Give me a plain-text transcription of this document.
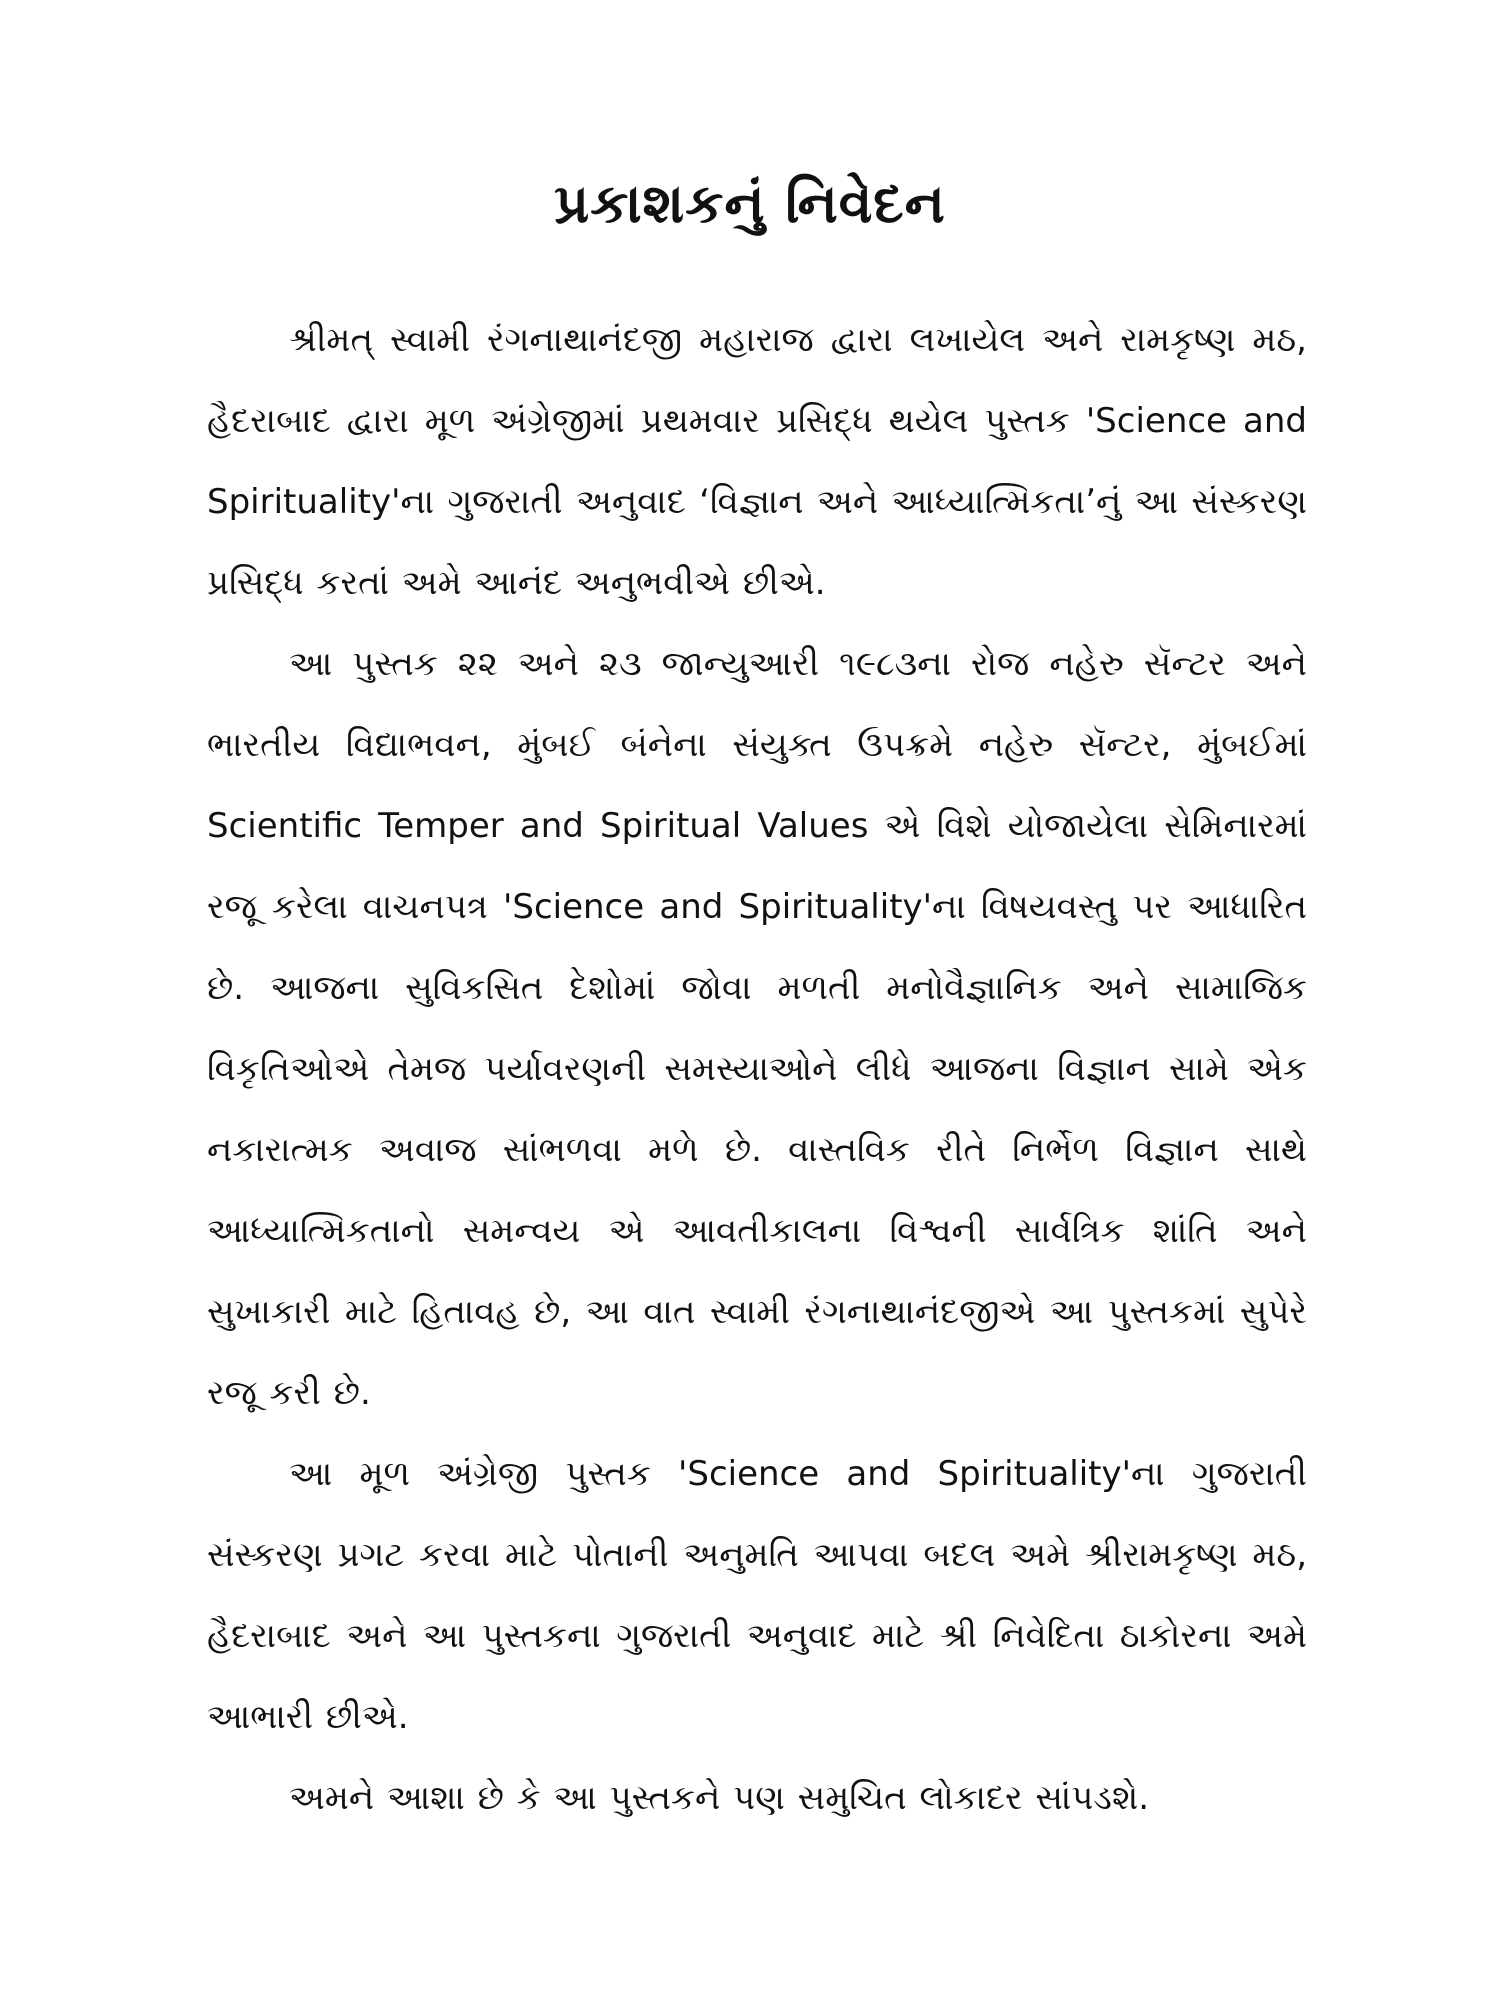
પ્રકાશકનું નિવેદન

શ્રીમત્ સ્વામી રંગનાથાનંદજી મહારાજ દ્વારા લખાયેલ અને રામકૃષ્ણ મઠ, હૈદરાબાદ દ્વારા મૂળ અંગ્રેજીમાં પ્રથમવાર પ્રસિદ્ધ થયેલ પુસ્તક 'Science and Spirituality'ના ગુજરાતી અનુવાદ ‘વિજ્ઞાન અને આધ્યાત્મિકતા’નું આ સંસ્કરણ પ્રસિદ્ધ કરતાં અમે આનંદ અનુભવીએ છીએ.

આ પુસ્તક ૨૨ અને ૨૩ જાન્યુઆરી ૧૯૮૩ના રોજ નહેરુ સૅન્ટર અને ભારતીય વિદ્યાભવન, મુંબઈ બંનેના સંયુક્ત ઉપક્રમે નહેરુ સૅન્ટર, મુંબઈમાં Scientific Temper and Spiritual Values એ વિશે યોજાયેલા સેમિનારમાં રજૂ કરેલા વાચનપત્ર 'Science and Spirituality'ના વિષયવસ્તુ પર આધારિત છે. આજના સુવિકસિત દેશોમાં જોવા મળતી મનોવૈજ્ઞાનિક અને સામાજિક વિકૃતિઓએ તેમજ પર્યાવરણની સમસ્યાઓને લીધે આજના વિજ્ઞાન સામે એક નકારાત્મક અવાજ સાંભળવા મળે છે. વાસ્તવિક રીતે નિર્ભેળ વિજ્ઞાન સાથે આધ્યાત્મિકતાનો સમન્વય એ આવતીકાલના વિશ્વની સાર્વત્રિક શાંતિ અને સુખાકારી માટે હિતાવહ છે, આ વાત સ્વામી રંગનાથાનંદજીએ આ પુસ્તકમાં સુપેરે રજૂ કરી છે.

આ મૂળ અંગ્રેજી પુસ્તક 'Science and Spirituality'ના ગુજરાતી સંસ્કરણ પ્રગટ કરવા માટે પોતાની અનુમતિ આપવા બદલ અમે શ્રીરામકૃષ્ણ મઠ, હૈદરાબાદ અને આ પુસ્તકના ગુજરાતી અનુવાદ માટે શ્રી નિવેદિતા ઠાકોરના અમે આભારી છીએ.

અમને આશા છે કે આ પુસ્તકને પણ સમુચિત લોકાદર સાંપડશે.
